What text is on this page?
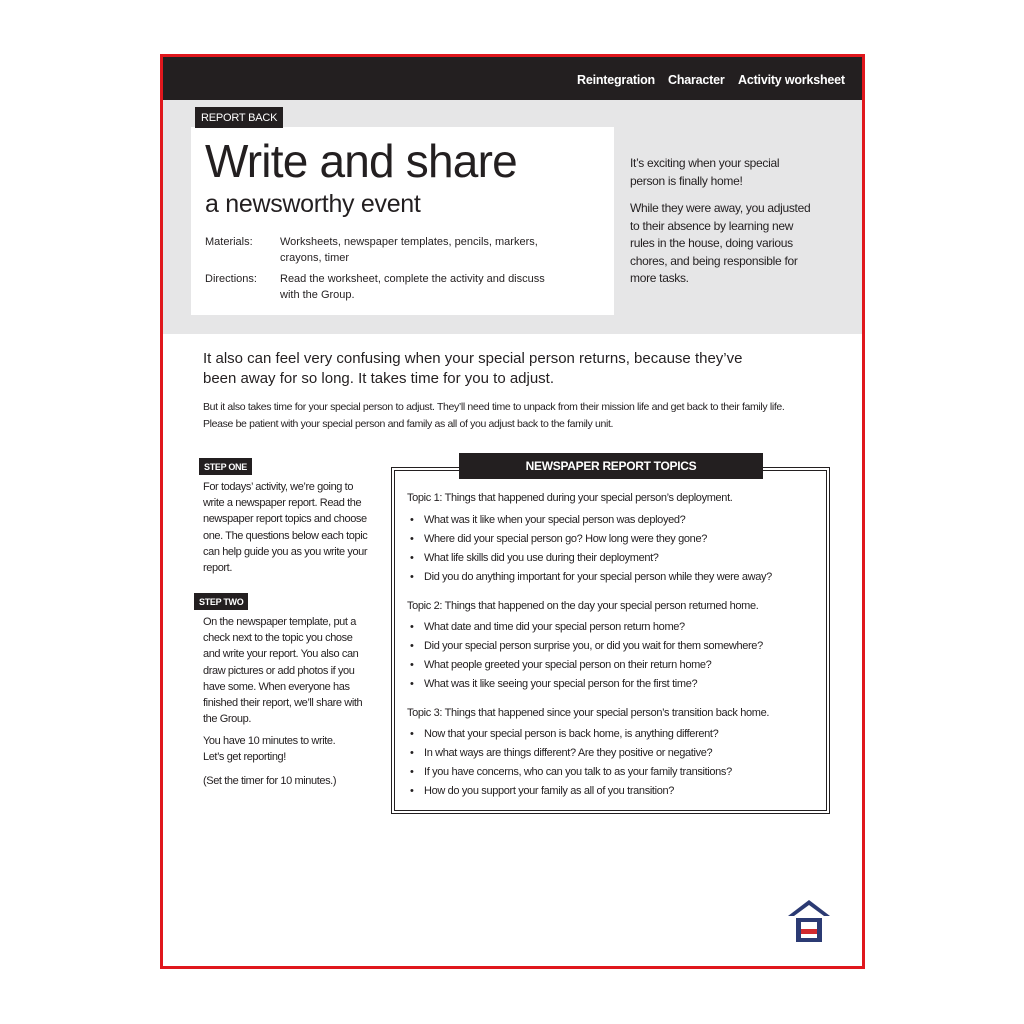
Reintegration Character Activity worksheet
REPORT BACK
Write and share
a newsworthy event
Materials: Worksheets, newspaper templates, pencils, markers, crayons, timer
Directions: Read the worksheet, complete the activity and discuss with the Group.
It’s exciting when your special person is finally home!
While they were away, you adjusted to their absence by learning new rules in the house, doing various chores, and being responsible for more tasks.
It also can feel very confusing when your special person returns, because they’ve been away for so long. It takes time for you to adjust.
But it also takes time for your special person to adjust. They’ll need time to unpack from their mission life and get back to their family life. Please be patient with your special person and family as all of you adjust back to the family unit.
STEP ONE
For todays’ activity, we’re going to write a newspaper report. Read the newspaper report topics and choose one. The questions below each topic can help guide you as you write your report.
STEP TWO
On the newspaper template, put a check next to the topic you chose and write your report. You also can draw pictures or add photos if you have some. When everyone has finished their report, we’ll share with the Group.
You have 10 minutes to write. Let’s get reporting!
(Set the timer for 10 minutes.)
NEWSPAPER REPORT TOPICS
Topic 1: Things that happened during your special person’s deployment.
• What was it like when your special person was deployed?
• Where did your special person go? How long were they gone?
• What life skills did you use during their deployment?
• Did you do anything important for your special person while they were away?
Topic 2: Things that happened on the day your special person returned home.
• What date and time did your special person return home?
• Did your special person surprise you, or did you wait for them somewhere?
• What people greeted your special person on their return home?
• What was it like seeing your special person for the first time?
Topic 3: Things that happened since your special person’s transition back home.
• Now that your special person is back home, is anything different?
• In what ways are things different? Are they positive or negative?
• If you have concerns, who can you talk to as your family transitions?
• How do you support your family as all of you transition?
